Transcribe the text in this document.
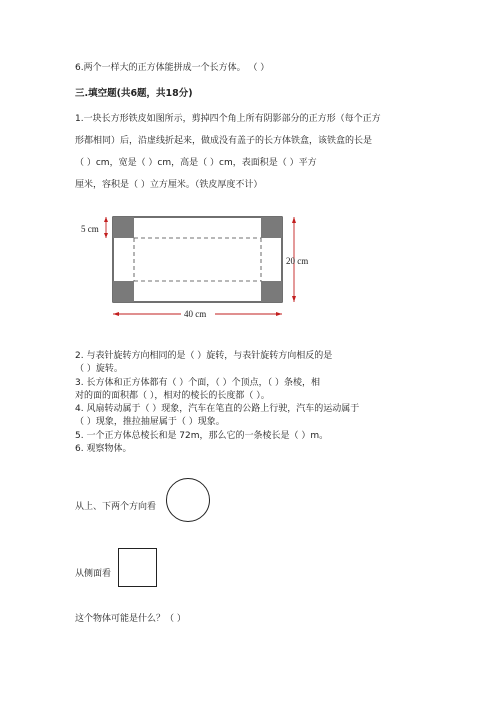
6.两个一样大的正方体能拼成一个长方体。 （ ）
三.填空题(共6题，共18分)
1.一块长方形铁皮如图所示，剪掉四个角上所有阴影部分的正方形（每个正方
形都相同）后，沿虚线折起来，做成没有盖子的长方体铁盒，该铁盒的长是
（ ）cm，宽是（ ）cm，高是（ ）cm，表面积是（ ）平方
厘米，容积是（ ）立方厘米。（铁皮厚度不计）
5 cm
20 cm
40 cm
2. 与表针旋转方向相同的是（ ）旋转，与表针旋转方向相反的是
（ ）旋转。
3. 长方体和正方体都有（ ）个面，（ ）个顶点，（ ）条棱，相
对的面的面积都（ ），相对的棱长的长度都（ ）。
4. 风扇转动属于（ ）现象，汽车在笔直的公路上行驶，汽车的运动属于
（ ）现象，推拉抽屉属于（ ）现象。
5. 一个正方体总棱长和是 72m，那么它的一条棱长是（ ）m。
6. 观察物体。
从上、下两个方向看
从侧面看
这个物体可能是什么？（ ）
